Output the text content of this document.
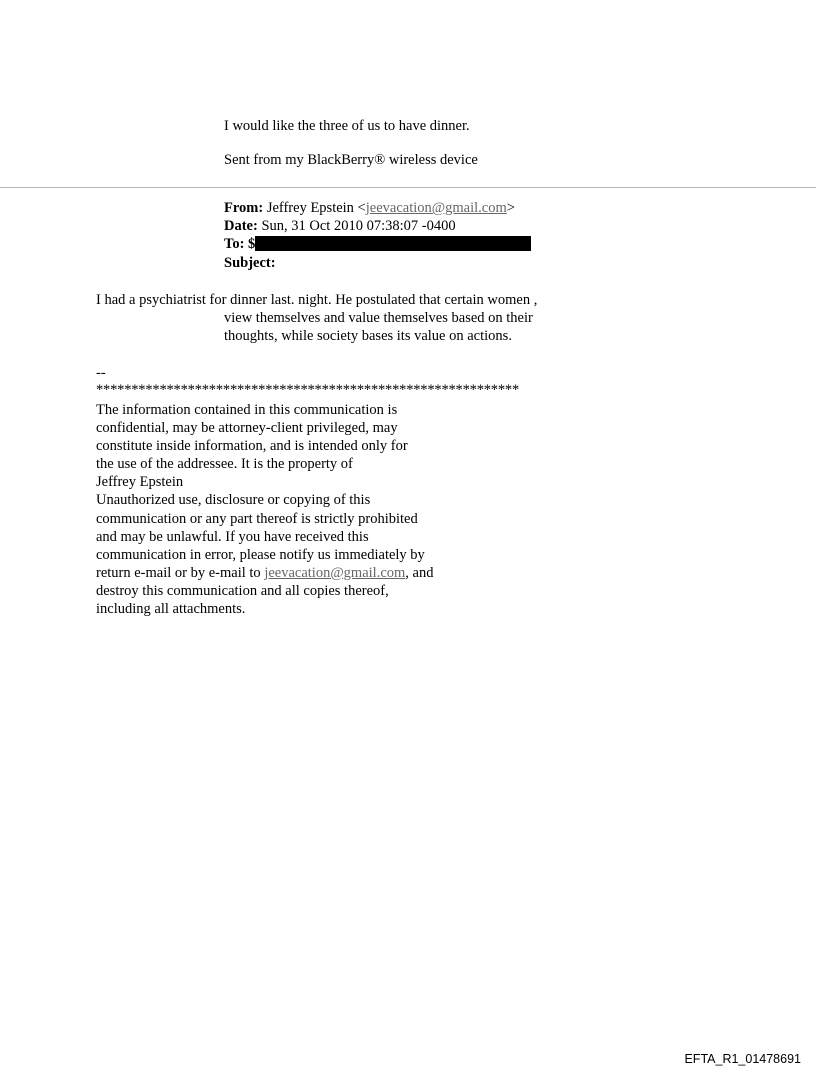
I would like the three of us to have dinner.
Sent from my BlackBerry® wireless device
From: Jeffrey Epstein <jeevacation@gmail.com>
Date: Sun, 31 Oct 2010 07:38:07 -0400
To: $
Subject:
I had a psychiatrist for dinner last. night. He postulated that certain women ,
view themselves and value themselves based on their
thoughts, while society bases its value on actions.
--
************************************************************
The information contained in this communication is
confidential, may be attorney-client privileged, may
constitute inside information, and is intended only for
the use of the addressee. It is the property of
Jeffrey Epstein
Unauthorized use, disclosure or copying of this
communication or any part thereof is strictly prohibited
and may be unlawful. If you have received this
communication in error, please notify us immediately by
return e-mail or by e-mail to jeevacation@gmail.com, and
destroy this communication and all copies thereof,
including all attachments.
EFTA_R1_01478691
